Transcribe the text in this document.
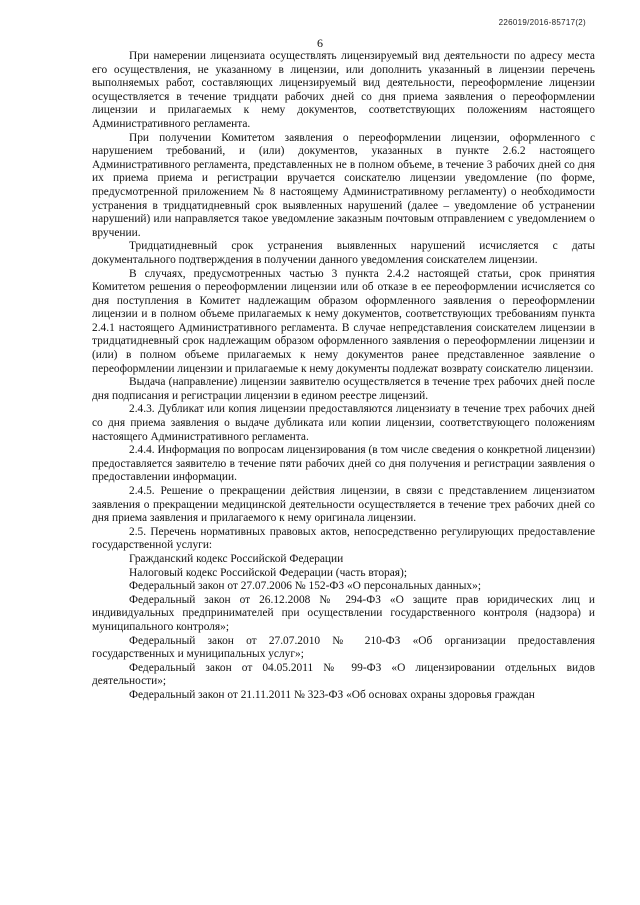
226019/2016-85717(2)
6

При намерении лицензиата осуществлять лицензируемый вид деятельности по адресу места его осуществления, не указанному в лицензии, или дополнить указанный в лицензии перечень выполняемых работ, составляющих лицензируемый вид деятельности, переоформление лицензии осуществляется в течение тридцати рабочих дней со дня приема заявления о переоформлении лицензии и прилагаемых к нему документов, соответствующих положениям настоящего Административного регламента.

При получении Комитетом заявления о переоформлении лицензии, оформленного с нарушением требований, и (или) документов, указанных в пункте 2.6.2 настоящего Административного регламента, представленных не в полном объеме, в течение 3 рабочих дней со дня их приема приема и регистрации вручается соискателю лицензии уведомление (по форме, предусмотренной приложением № 8 настоящему Административному регламенту) о необходимости устранения в тридцатидневный срок выявленных нарушений (далее – уведомление об устранении нарушений) или направляется такое уведомление заказным почтовым отправлением с уведомлением о вручении.

Тридцатидневный срок устранения выявленных нарушений исчисляется с даты документального подтверждения в получении данного уведомления соискателем лицензии.

В случаях, предусмотренных частью 3 пункта 2.4.2 настоящей статьи, срок принятия Комитетом решения о переоформлении лицензии или об отказе в ее переоформлении исчисляется со дня поступления в Комитет надлежащим образом оформленного заявления о переоформлении лицензии и в полном объеме прилагаемых к нему документов, соответствующих требованиям пункта 2.4.1 настоящего Административного регламента. В случае непредставления соискателем лицензии в тридцатидневный срок надлежащим образом оформленного заявления о переоформлении лицензии и (или) в полном объеме прилагаемых к нему документов ранее представленное заявление о переоформлении лицензии и прилагаемые к нему документы подлежат возврату соискателю лицензии.

Выдача (направление) лицензии заявителю осуществляется в течение трех рабочих дней после дня подписания и регистрации лицензии в едином реестре лицензий.

2.4.3. Дубликат или копия лицензии предоставляются лицензиату в течение трех рабочих дней со дня приема заявления о выдаче дубликата или копии лицензии, соответствующего положениям настоящего Административного регламента.

2.4.4. Информация по вопросам лицензирования (в том числе сведения о конкретной лицензии) предоставляется заявителю в течение пяти рабочих дней со дня получения и регистрации заявления о предоставлении информации.

2.4.5. Решение о прекращении действия лицензии, в связи с представлением лицензиатом заявления о прекращении медицинской деятельности осуществляется в течение трех рабочих дней со дня приема заявления и прилагаемого к нему оригинала лицензии.

2.5. Перечень нормативных правовых актов, непосредственно регулирующих предоставление государственной услуги:

Гражданский кодекс Российской Федерации

Налоговый кодекс Российской Федерации (часть вторая);

Федеральный закон от 27.07.2006 № 152-ФЗ «О персональных данных»;

Федеральный закон от 26.12.2008 № 294-ФЗ «О защите прав юридических лиц и индивидуальных предпринимателей при осуществлении государственного контроля (надзора) и муниципального контроля»;

Федеральный закон от 27.07.2010 № 210-ФЗ «Об организации предоставления государственных и муниципальных услуг»;

Федеральный закон от 04.05.2011 № 99-ФЗ «О лицензировании отдельных видов деятельности»;

Федеральный закон от 21.11.2011 № 323-ФЗ «Об основах охраны здоровья граждан
